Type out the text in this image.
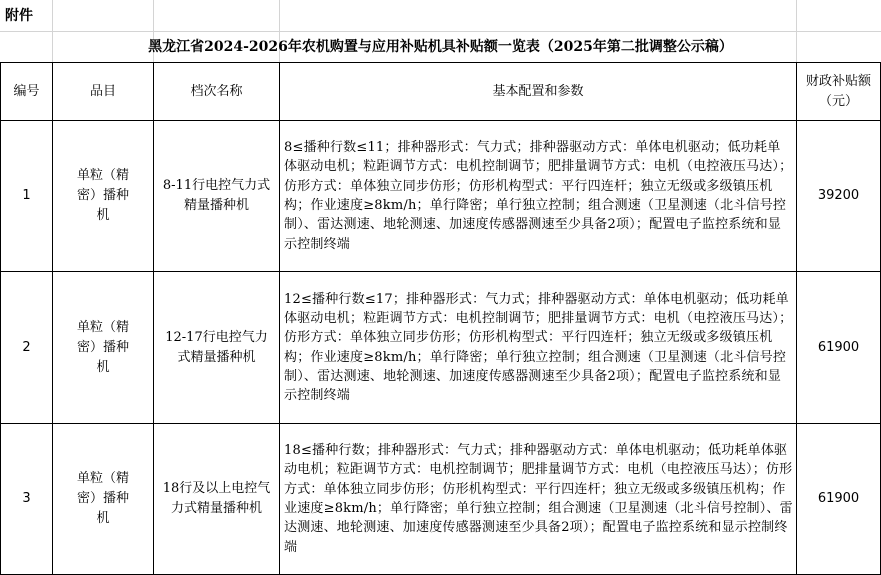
附件
黑龙江省2024-2026年农机购置与应用补贴机具补贴额一览表（2025年第二批调整公示稿）
编号	品目	档次名称	基本配置和参数	财政补贴额（元）
1	单粒（精密）播种机	8-11行电控气力式精量播种机	8≤播种行数≤11；排种器形式：气力式；排种器驱动方式：单体电机驱动；低功耗单体驱动电机；粒距调节方式：电机控制调节；肥排量调节方式：电机（电控液压马达）；仿形方式：单体独立同步仿形；仿形机构型式：平行四连杆；独立无级或多级镇压机构；作业速度≥8km/h；单行降密；单行独立控制；组合测速（卫星测速（北斗信号控制）、雷达测速、地轮测速、加速度传感器测速至少具备2项）；配置电子监控系统和显示控制终端	39200
2	单粒（精密）播种机	12-17行电控气力式精量播种机	12≤播种行数≤17；排种器形式：气力式；排种器驱动方式：单体电机驱动；低功耗单体驱动电机；粒距调节方式：电机控制调节；肥排量调节方式：电机（电控液压马达）；仿形方式：单体独立同步仿形；仿形机构型式：平行四连杆；独立无级或多级镇压机构；作业速度≥8km/h；单行降密；单行独立控制；组合测速（卫星测速（北斗信号控制）、雷达测速、地轮测速、加速度传感器测速至少具备2项）；配置电子监控系统和显示控制终端	61900
3	单粒（精密）播种机	18行及以上电控气力式精量播种机	18≤播种行数；排种器形式：气力式；排种器驱动方式：单体电机驱动；低功耗单体驱动电机；粒距调节方式：电机控制调节；肥排量调节方式：电机（电控液压马达）；仿形方式：单体独立同步仿形；仿形机构型式：平行四连杆；独立无级或多级镇压机构；作业速度≥8km/h；单行降密；单行独立控制；组合测速（卫星测速（北斗信号控制）、雷达测速、地轮测速、加速度传感器测速至少具备2项）；配置电子监控系统和显示控制终端	61900
